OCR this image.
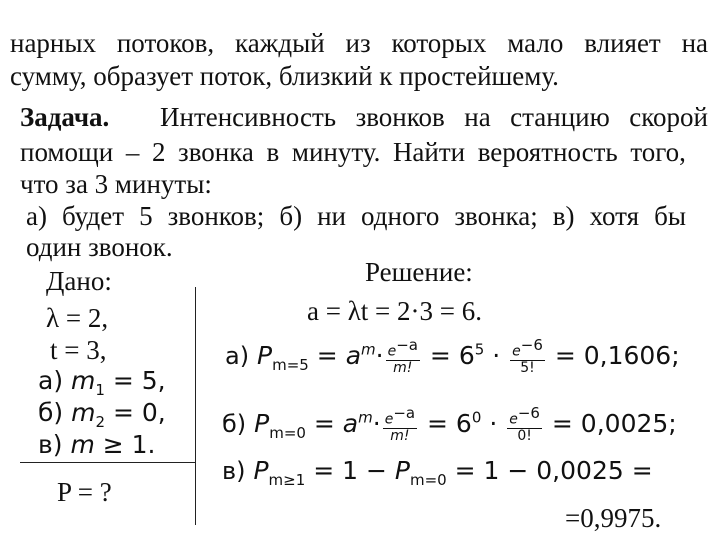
нарных потоков, каждый из которых мало влияет на
сумму, образует поток, близкий к простейшему.
Задача. Интенсивность звонков на станцию скорой
помощи – 2 звонка в минуту. Найти вероятность того,
что за 3 минуты:
а) будет 5 звонков; б) ни одного звонка; в) хотя бы
один звонок.
Дано:
λ = 2,
t = 3,
а) $m_1 = 5$,
б) $m_2 = 0$,
в) m ≥ 1.
P = ?
Решение:
a = λt = 2·3 = 6.
а) $P_{m=5} = a^m\cdot \frac{e^{-a}}{m!} = 6^5 \cdot \frac{e^{-6}}{5!} = 0,1606$;
б) $P_{m=0} = a^m\cdot \frac{e^{-a}}{m!} = 6^0 \cdot \frac{e^{-6}}{0!} = 0,0025$;
в) $P_{m\ge 1} = 1 - P_{m=0} = 1 - 0,0025$ =
=0,9975.
